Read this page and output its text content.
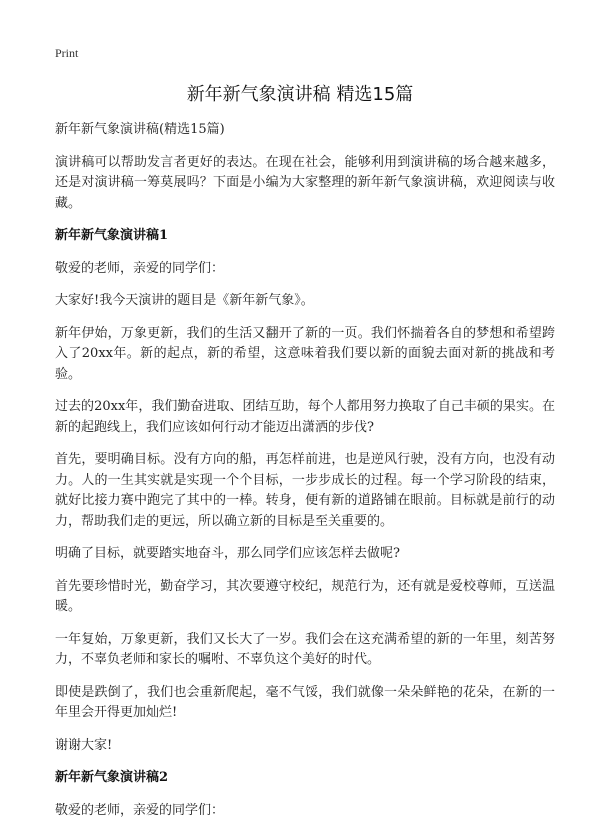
Print
新年新气象演讲稿 精选15篇

新年新气象演讲稿(精选15篇)

演讲稿可以帮助发言者更好的表达。在现在社会，能够利用到演讲稿的场合越来越多，还是对演讲稿一筹莫展吗？下面是小编为大家整理的新年新气象演讲稿，欢迎阅读与收藏。

新年新气象演讲稿1

敬爱的老师，亲爱的同学们：

大家好!我今天演讲的题目是《新年新气象》。

新年伊始，万象更新，我们的生活又翻开了新的一页。我们怀揣着各自的梦想和希望跨入了20xx年。新的起点，新的希望，这意味着我们要以新的面貌去面对新的挑战和考验。

过去的20xx年，我们勤奋进取、团结互助，每个人都用努力换取了自己丰硕的果实。在新的起跑线上，我们应该如何行动才能迈出潇洒的步伐?

首先，要明确目标。没有方向的船，再怎样前进，也是逆风行驶，没有方向，也没有动力。人的一生其实就是实现一个个目标，一步步成长的过程。每一个学习阶段的结束，就好比接力赛中跑完了其中的一棒。转身，便有新的道路铺在眼前。目标就是前行的动力，帮助我们走的更远，所以确立新的目标是至关重要的。

明确了目标，就要踏实地奋斗，那么同学们应该怎样去做呢?

首先要珍惜时光，勤奋学习，其次要遵守校纪，规范行为，还有就是爱校尊师，互送温暖。

一年复始，万象更新，我们又长大了一岁。我们会在这充满希望的新的一年里，刻苦努力，不辜负老师和家长的嘱咐、不辜负这个美好的时代。

即使是跌倒了，我们也会重新爬起，毫不气馁，我们就像一朵朵鲜艳的花朵，在新的一年里会开得更加灿烂!

谢谢大家!

新年新气象演讲稿2

敬爱的老师，亲爱的同学们：
